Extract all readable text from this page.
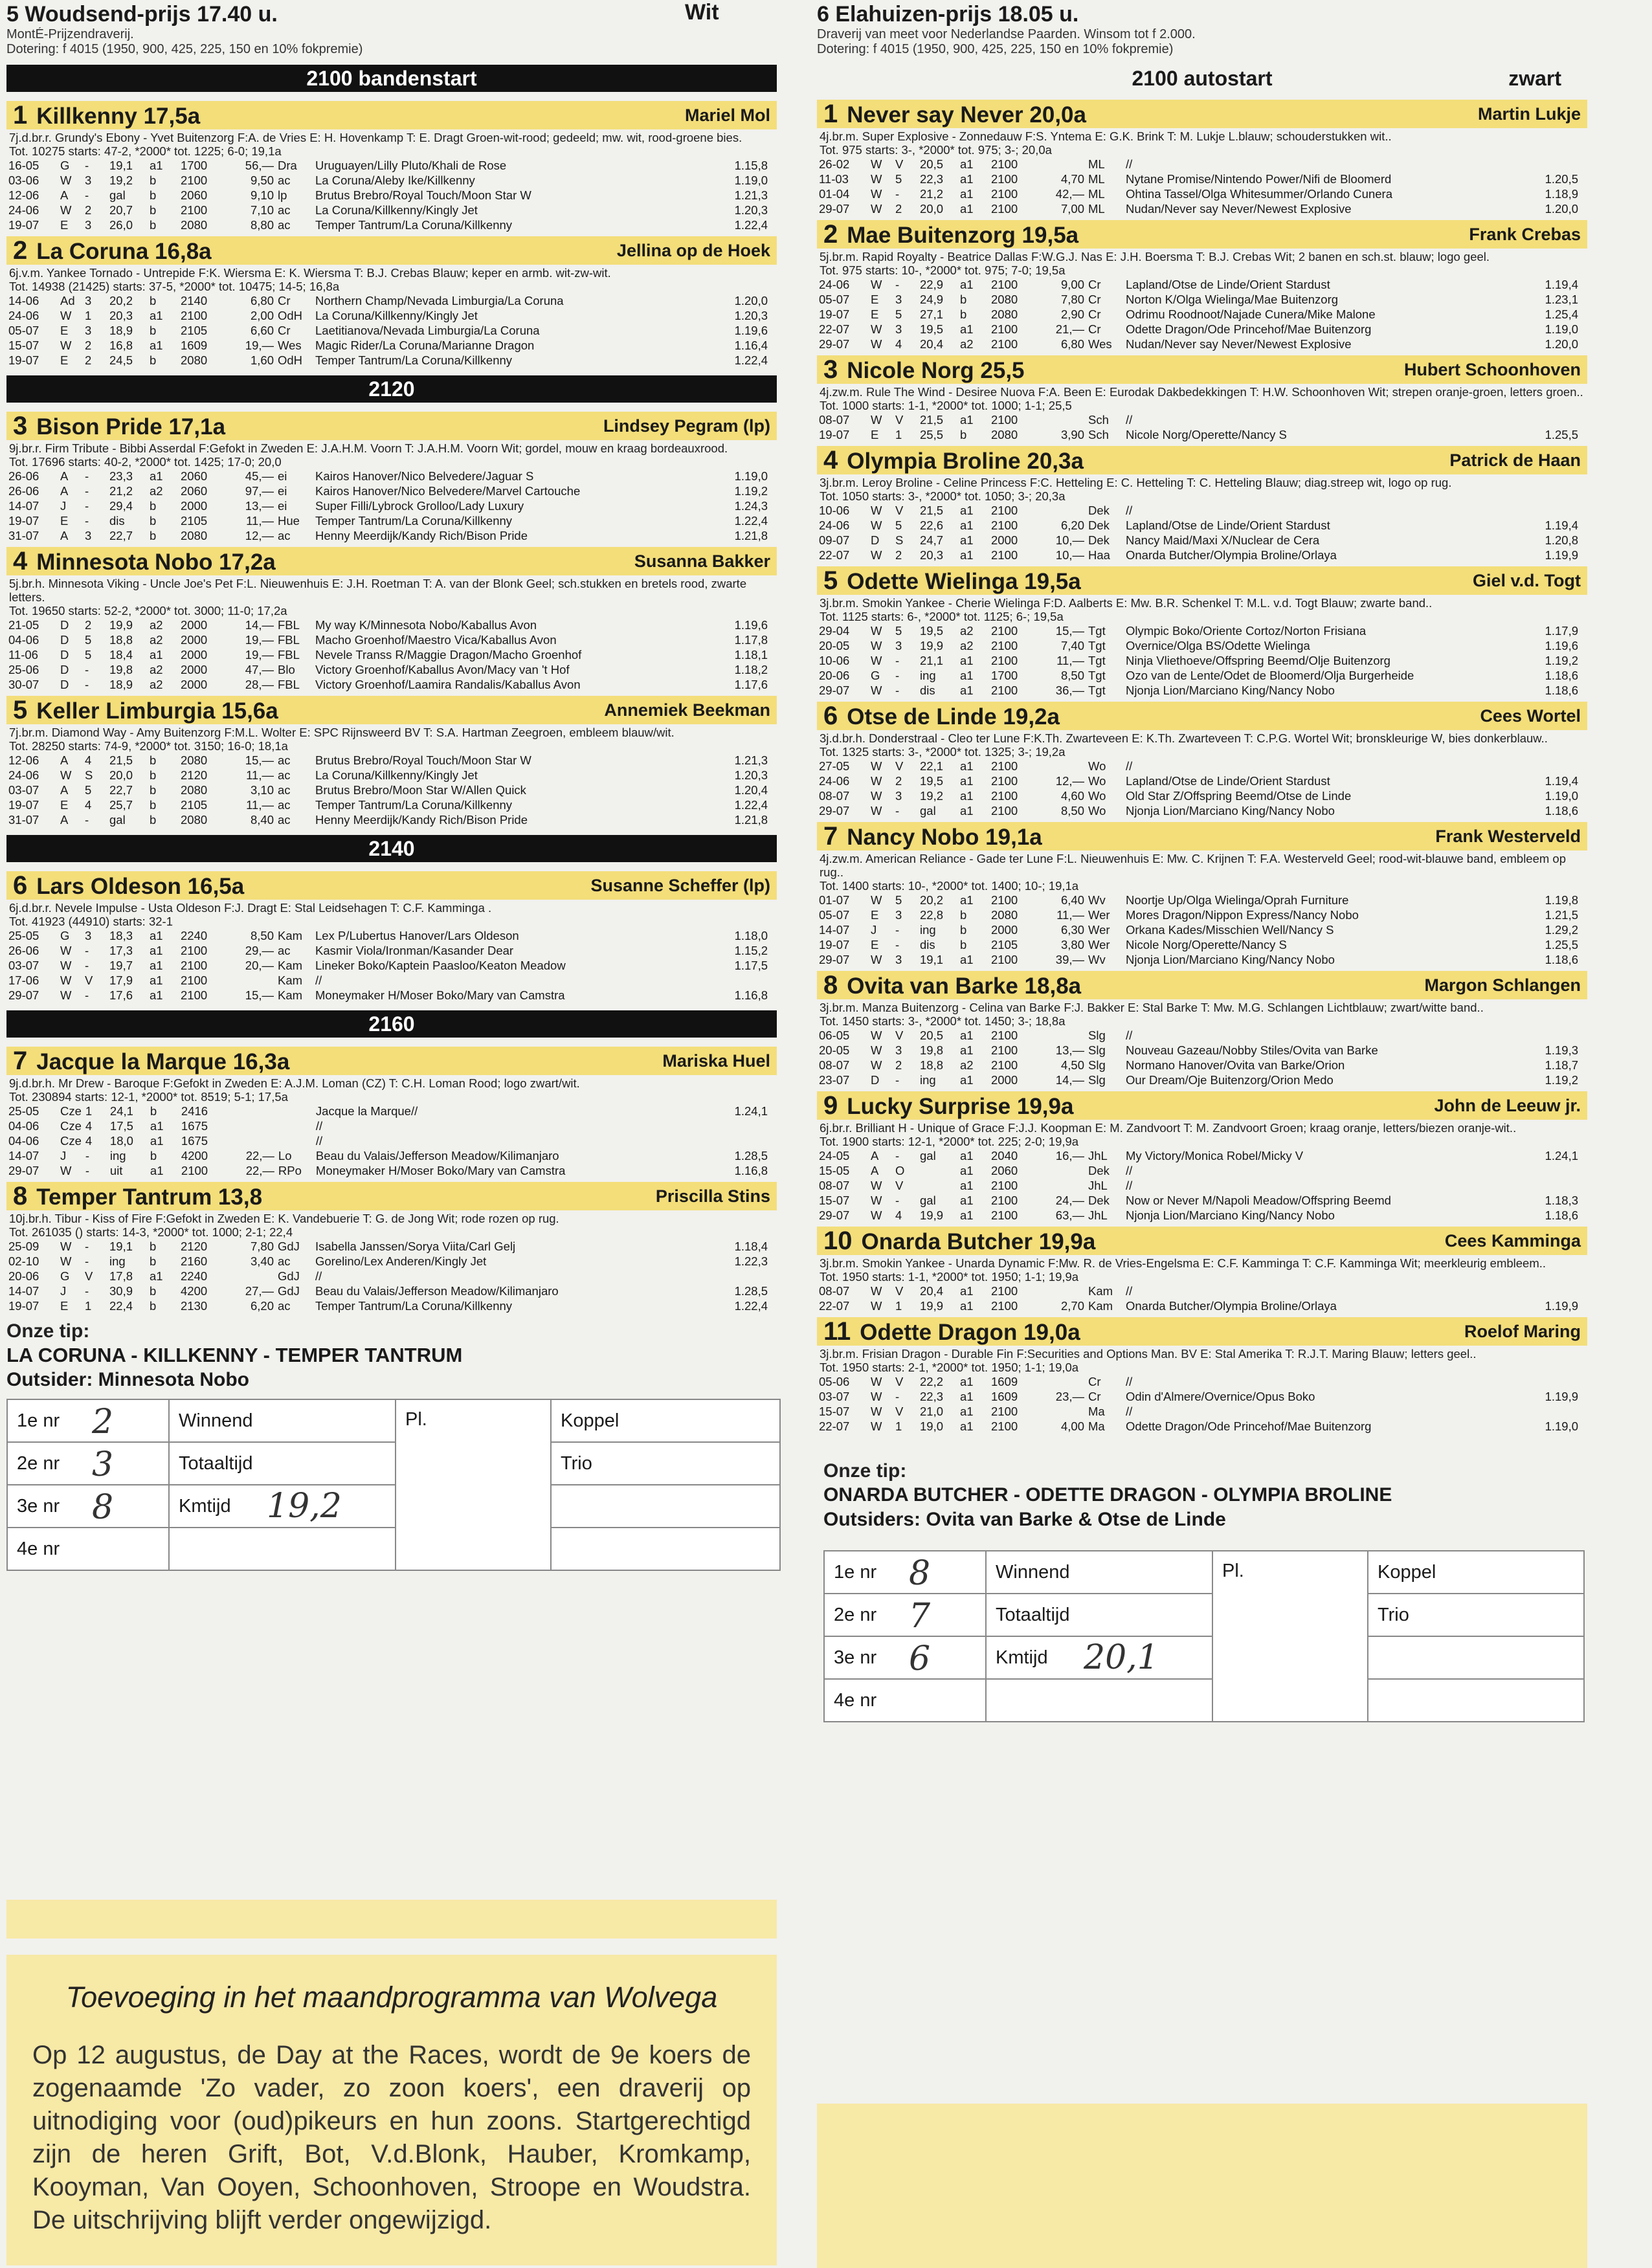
5 Woudsend-prijs 17.40 u.	Wit
MontÉ-Prijzendraverij.
Dotering: f 4015 (1950, 900, 425, 225, 150 en 10% fokpremie)
2100 bandenstart
1 Killkenny 17,5a	Mariel Mol
7j.d.br.r. Grundy's Ebony - Yvet Buitenzorg F:A. de Vries E: H. Hovenkamp T: E. Dragt Groen-wit-rood; gedeeld; mw. wit, rood-groene bies.
Tot. 10275 starts: 47-2, *2000* tot. 1225; 6-0; 19,1a
16-05	G	-	19,1	a1	1700	56,—	Dra	Uruguayen/Lilly Pluto/Khali de Rose	1.15,8
03-06	W	3	19,2	b	2100	9,50	ac	La Coruna/Aleby Ike/Killkenny	1.19,0
12-06	A	-	gal	b	2060	9,10	lp	Brutus Brebro/Royal Touch/Moon Star W	1.21,3
24-06	W	2	20,7	b	2100	7,10	ac	La Coruna/Killkenny/Kingly Jet	1.20,3
19-07	E	3	26,0	b	2080	8,80	ac	Temper Tantrum/La Coruna/Killkenny	1.22,4
2 La Coruna 16,8a	Jellina op de Hoek
6j.v.m. Yankee Tornado - Untrepide F:K. Wiersma E: K. Wiersma T: B.J. Crebas Blauw; keper en armb. wit-zw-wit.
Tot. 14938 (21425) starts: 37-5, *2000* tot. 10475; 14-5; 16,8a
14-06	Ad	3	20,2	b	2140	6,80	Cr	Northern Champ/Nevada Limburgia/La Coruna	1.20,0
24-06	W	1	20,3	a1	2100	2,00	OdH	La Coruna/Killkenny/Kingly Jet	1.20,3
05-07	E	3	18,9	b	2105	6,60	Cr	Laetitianova/Nevada Limburgia/La Coruna	1.19,6
15-07	W	2	16,8	a1	1609	19,—	Wes	Magic Rider/La Coruna/Marianne Dragon	1.16,4
19-07	E	2	24,5	b	2080	1,60	OdH	Temper Tantrum/La Coruna/Killkenny	1.22,4
2120
3 Bison Pride 17,1a	Lindsey Pegram (lp)
9j.br.r. Firm Tribute - Bibbi Asserdal F:Gefokt in Zweden E: J.A.H.M. Voorn T: J.A.H.M. Voorn Wit; gordel, mouw en kraag bordeauxrood.
Tot. 17696 starts: 40-2, *2000* tot. 1425; 17-0; 20,0
26-06	A	-	23,3	a1	2060	45,—	ei	Kairos Hanover/Nico Belvedere/Jaguar S	1.19,0
26-06	A	-	21,2	a2	2060	97,—	ei	Kairos Hanover/Nico Belvedere/Marvel Cartouche	1.19,2
14-07	J	-	29,4	b	2000	13,—	ei	Super Filli/Lybrock Grolloo/Lady Luxury	1.24,3
19-07	E	-	dis	b	2105	11,—	Hue	Temper Tantrum/La Coruna/Killkenny	1.22,4
31-07	A	3	22,7	b	2080	12,—	ac	Henny Meerdijk/Kandy Rich/Bison Pride	1.21,8
4 Minnesota Nobo 17,2a	Susanna Bakker
5j.br.h. Minnesota Viking - Uncle Joe's Pet F:L. Nieuwenhuis E: J.H. Roetman T: A. van der Blonk Geel; sch.stukken en bretels rood, zwarte letters.
Tot. 19650 starts: 52-2, *2000* tot. 3000; 11-0; 17,2a
21-05	D	2	19,9	a2	2000	14,—	FBL	My way K/Minnesota Nobo/Kaballus Avon	1.19,6
04-06	D	5	18,8	a2	2000	19,—	FBL	Macho Groenhof/Maestro Vica/Kaballus Avon	1.17,8
11-06	D	5	18,4	a1	2000	19,—	FBL	Nevele Transs R/Maggie Dragon/Macho Groenhof	1.18,1
25-06	D	-	19,8	a2	2000	47,—	Blo	Victory Groenhof/Kaballus Avon/Macy van 't Hof	1.18,2
30-07	D	-	18,9	a2	2000	28,—	FBL	Victory Groenhof/Laamira Randalis/Kaballus Avon	1.17,6
5 Keller Limburgia 15,6a	Annemiek Beekman
7j.br.m. Diamond Way - Amy Buitenzorg F:M.L. Wolter E: SPC Rijnsweerd BV T: S.A. Hartman Zeegroen, embleem blauw/wit.
Tot. 28250 starts: 74-9, *2000* tot. 3150; 16-0; 18,1a
12-06	A	4	21,5	b	2080	15,—	ac	Brutus Brebro/Royal Touch/Moon Star W	1.21,3
24-06	W	S	20,0	b	2120	11,—	ac	La Coruna/Killkenny/Kingly Jet	1.20,3
03-07	A	5	22,7	b	2080	3,10	ac	Brutus Brebro/Moon Star W/Allen Quick	1.20,4
19-07	E	4	25,7	b	2105	11,—	ac	Temper Tantrum/La Coruna/Killkenny	1.22,4
31-07	A	-	gal	b	2080	8,40	ac	Henny Meerdijk/Kandy Rich/Bison Pride	1.21,8
2140
6 Lars Oldeson 16,5a	Susanne Scheffer (lp)
6j.d.br.r. Nevele Impulse - Usta Oldeson F:J. Dragt E: Stal Leidsehagen T: C.F. Kamminga .
Tot. 41923 (44910) starts: 32-1
25-05	G	3	18,3	a1	2240	8,50	Kam	Lex P/Lubertus Hanover/Lars Oldeson	1.18,0
26-06	W	-	17,3	a1	2100	29,—	ac	Kasmir Viola/Ironman/Kasander Dear	1.15,2
03-07	W	-	19,7	a1	2100	20,—	Kam	Lineker Boko/Kaptein Paasloo/Keaton Meadow	1.17,5
17-06	W	V	17,9	a1	2100		Kam	//	
29-07	W	-	17,6	a1	2100	15,—	Kam	Moneymaker H/Moser Boko/Mary van Camstra	1.16,8
2160
7 Jacque la Marque 16,3a	Mariska Huel
9j.d.br.h. Mr Drew - Baroque F:Gefokt in Zweden E: A.J.M. Loman (CZ) T: C.H. Loman Rood; logo zwart/wit.
Tot. 230894 starts: 12-1, *2000* tot. 8519; 5-1; 17,5a
25-05	Cze	1	24,1	b	2416			Jacque la Marque//	1.24,1
04-06	Cze	4	17,5	a1	1675			//	
04-06	Cze	4	18,0	a1	1675			//	
14-07	J	-	ing	b	4200	22,—	Lo	Beau du Valais/Jefferson Meadow/Kilimanjaro	1.28,5
29-07	W	-	uit	a1	2100	22,—	RPo	Moneymaker H/Moser Boko/Mary van Camstra	1.16,8
8 Temper Tantrum 13,8	Priscilla Stins
10j.br.h. Tibur - Kiss of Fire F:Gefokt in Zweden E: K. Vandebuerie T: G. de Jong Wit; rode rozen op rug.
Tot. 261035 () starts: 14-3, *2000* tot. 1000; 2-1; 22,4
25-09	W	-	19,1	b	2120	7,80	GdJ	Isabella Janssen/Sorya Viita/Carl Gelj	1.18,4
02-10	W	-	ing	b	2160	3,40	ac	Gorelino/Lex Anderen/Kingly Jet	1.22,3
20-06	G	V	17,8	a1	2240		GdJ	//	
14-07	J	-	30,9	b	4200	27,—	GdJ	Beau du Valais/Jefferson Meadow/Kilimanjaro	1.28,5
19-07	E	1	22,4	b	2130	6,20	ac	Temper Tantrum/La Coruna/Killkenny	1.22,4
Onze tip:
LA CORUNA - KILLKENNY - TEMPER TANTRUM
Outsider: Minnesota Nobo
1e nr 2	Winnend	Pl.	Koppel
2e nr 3	Totaaltijd		Trio
3e nr 8	Kmtijd 19,2		

4e nr	

Toevoeging in het maandprogramma van Wolvega
Op 12 augustus, de Day at the Races, wordt de 9e koers de zogenaamde 'Zo vader, zo zoon koers', een draverij op uitnodiging voor (oud)pikeurs en hun zoons. Startgerechtigd zijn de heren Grift, Bot, V.d.Blonk, Hauber, Kromkamp, Kooyman, Van Ooyen, Schoonhoven, Stroope en Woudstra. De uitschrijving blijft verder ongewijzigd.
6 Elahuizen-prijs 18.05 u.
Draverij van meet voor Nederlandse Paarden. Winsom tot f 2.000.
Dotering: f 4015 (1950, 900, 425, 225, 150 en 10% fokpremie)
2100 autostart	zwart
1 Never say Never 20,0a	Martin Lukje
4j.br.m. Super Explosive - Zonnedauw F:S. Yntema E: G.K. Brink T: M. Lukje L.blauw; schouderstukken wit..
Tot. 975 starts: 3-, *2000* tot. 975; 3-; 20,0a
26-02	W	V	20,5	a1	2100		ML	//	
11-03	W	5	22,3	a1	2100	4,70	ML	Nytane Promise/Nintendo Power/Nifi de Bloomerd	1.20,5
01-04	W	-	21,2	a1	2100	42,—	ML	Ohtina Tassel/Olga Whitesummer/Orlando Cunera	1.18,9
29-07	W	2	20,0	a1	2100	7,00	ML	Nudan/Never say Never/Newest Explosive	1.20,0
2 Mae Buitenzorg 19,5a	Frank Crebas
5j.br.m. Rapid Royalty - Beatrice Dallas F:W.G.J. Nas E: J.H. Boersma T: B.J. Crebas Wit; 2 banen en sch.st. blauw; logo geel.
Tot. 975 starts: 10-, *2000* tot. 975; 7-0; 19,5a
24-06	W	-	22,9	a1	2100	9,00	Cr	Lapland/Otse de Linde/Orient Stardust	1.19,4
05-07	E	3	24,9	b	2080	7,80	Cr	Norton K/Olga Wielinga/Mae Buitenzorg	1.23,1
19-07	E	5	27,1	b	2080	2,90	Cr	Odrimu Roodnoot/Najade Cunera/Mike Malone	1.25,4
22-07	W	3	19,5	a1	2100	21,—	Cr	Odette Dragon/Ode Princehof/Mae Buitenzorg	1.19,0
29-07	W	4	20,4	a2	2100	6,80	Wes	Nudan/Never say Never/Newest Explosive	1.20,0
3 Nicole Norg 25,5	Hubert Schoonhoven
4j.zw.m. Rule The Wind - Desiree Nuova F:A. Been E: Eurodak Dakbedekkingen T: H.W. Schoonhoven Wit; strepen oranje-groen, letters groen..
Tot. 1000 starts: 1-1, *2000* tot. 1000; 1-1; 25,5
08-07	W	V	21,5	a1	2100		Sch	//	
19-07	E	1	25,5	b	2080	3,90	Sch	Nicole Norg/Operette/Nancy S	1.25,5
4 Olympia Broline 20,3a	Patrick de Haan
3j.br.m. Leroy Broline - Celine Princess F:C. Hetteling E: C. Hetteling T: C. Hetteling Blauw; diag.streep wit, logo op rug.
Tot. 1050 starts: 3-, *2000* tot. 1050; 3-; 20,3a
10-06	W	V	21,5	a1	2100		Dek	//	
24-06	W	5	22,6	a1	2100	6,20	Dek	Lapland/Otse de Linde/Orient Stardust	1.19,4
09-07	D	S	24,7	a1	2000	10,—	Dek	Nancy Maid/Maxi X/Nuclear de Cera	1.20,8
22-07	W	2	20,3	a1	2100	10,—	Haa	Onarda Butcher/Olympia Broline/Orlaya	1.19,9
5 Odette Wielinga 19,5a	Giel v.d. Togt
3j.br.m. Smokin Yankee - Cherie Wielinga F:D. Aalberts E: Mw. B.R. Schenkel T: M.L. v.d. Togt Blauw; zwarte band..
Tot. 1125 starts: 6-, *2000* tot. 1125; 6-; 19,5a
29-04	W	5	19,5	a2	2100	15,—	Tgt	Olympic Boko/Oriente Cortoz/Norton Frisiana	1.17,9
20-05	W	3	19,9	a2	2100	7,40	Tgt	Overnice/Olga BS/Odette Wielinga	1.19,6
10-06	W	-	21,1	a1	2100	11,—	Tgt	Ninja Vliethoeve/Offspring Beemd/Olje Buitenzorg	1.19,2
20-06	G	-	ing	a1	1700	8,50	Tgt	Ozo van de Lente/Odet de Bloomerd/Olja Burgerheide	1.18,6
29-07	W	-	dis	a1	2100	36,—	Tgt	Njonja Lion/Marciano King/Nancy Nobo	1.18,6
6 Otse de Linde 19,2a	Cees Wortel
3j.d.br.h. Donderstraal - Cleo ter Lune F:K.Th. Zwarteveen E: K.Th. Zwarteveen T: C.P.G. Wortel Wit; bronskleurige W, bies donkerblauw..
Tot. 1325 starts: 3-, *2000* tot. 1325; 3-; 19,2a
27-05	W	V	22,1	a1	2100		Wo	//	
24-06	W	2	19,5	a1	2100	12,—	Wo	Lapland/Otse de Linde/Orient Stardust	1.19,4
08-07	W	3	19,2	a1	2100	4,60	Wo	Old Star Z/Offspring Beemd/Otse de Linde	1.19,0
29-07	W	-	gal	a1	2100	8,50	Wo	Njonja Lion/Marciano King/Nancy Nobo	1.18,6
7 Nancy Nobo 19,1a	Frank Westerveld
4j.zw.m. American Reliance - Gade ter Lune F:L. Nieuwenhuis E: Mw. C. Krijnen T: F.A. Westerveld Geel; rood-wit-blauwe band, embleem op rug..
Tot. 1400 starts: 10-, *2000* tot. 1400; 10-; 19,1a
01-07	W	5	20,2	a1	2100	6,40	Wv	Noortje Up/Olga Wielinga/Oprah Furniture	1.19,8
05-07	E	3	22,8	b	2080	11,—	Wer	Mores Dragon/Nippon Express/Nancy Nobo	1.21,5
14-07	J	-	ing	b	2000	6,30	Wer	Orkana Kades/Misschien Well/Nancy S	1.29,2
19-07	E	-	dis	b	2105	3,80	Wer	Nicole Norg/Operette/Nancy S	1.25,5
29-07	W	3	19,1	a1	2100	39,—	Wv	Njonja Lion/Marciano King/Nancy Nobo	1.18,6
8 Ovita van Barke 18,8a	Margon Schlangen
3j.br.m. Manza Buitenzorg - Celina van Barke F:J. Bakker E: Stal Barke T: Mw. M.G. Schlangen Lichtblauw; zwart/witte band..
Tot. 1450 starts: 3-, *2000* tot. 1450; 3-; 18,8a
06-05	W	V	20,5	a1	2100		Slg	//	
20-05	W	3	19,8	a1	2100	13,—	Slg	Nouveau Gazeau/Nobby Stiles/Ovita van Barke	1.19,3
08-07	W	2	18,8	a2	2100	4,50	Slg	Normano Hanover/Ovita van Barke/Orion	1.18,7
23-07	D	-	ing	a1	2000	14,—	Slg	Our Dream/Oje Buitenzorg/Orion Medo	1.19,2
9 Lucky Surprise 19,9a	John de Leeuw jr.
6j.br.r. Brilliant H - Unique of Grace F:J.J. Koopman E: M. Zandvoort T: M. Zandvoort Groen; kraag oranje, letters/biezen oranje-wit..
Tot. 1900 starts: 12-1, *2000* tot. 225; 2-0; 19,9a
24-05	A	-	gal	a1	2040	16,—	JhL	My Victory/Monica Robel/Micky V	1.24,1
15-05	A	O		a1	2060		Dek	//	
08-07	W	V		a1	2100		JhL	//	
15-07	W	-	gal	a1	2100	24,—	Dek	Now or Never M/Napoli Meadow/Offspring Beemd	1.18,3
29-07	W	4	19,9	a1	2100	63,—	JhL	Njonja Lion/Marciano King/Nancy Nobo	1.18,6
10 Onarda Butcher 19,9a	Cees Kamminga
3j.br.m. Smokin Yankee - Unarda Dynamic F:Mw. R. de Vries-Engelsma E: C.F. Kamminga T: C.F. Kamminga Wit; meerkleurig embleem..
Tot. 1950 starts: 1-1, *2000* tot. 1950; 1-1; 19,9a
08-07	W	V	20,4	a1	2100		Kam	//	
22-07	W	1	19,9	a1	2100	2,70	Kam	Onarda Butcher/Olympia Broline/Orlaya	1.19,9
11 Odette Dragon 19,0a	Roelof Maring
3j.br.m. Frisian Dragon - Durable Fin F:Securities and Options Man. BV E: Stal Amerika T: R.J.T. Maring Blauw; letters geel..
Tot. 1950 starts: 2-1, *2000* tot. 1950; 1-1; 19,0a
05-06	W	V	22,2	a1	1609		Cr	//	
03-07	W	-	22,3	a1	1609	23,—	Cr	Odin d'Almere/Overnice/Opus Boko	1.19,9
15-07	W	V	21,0	a1	2100		Ma	//	
22-07	W	1	19,0	a1	2100	4,00	Ma	Odette Dragon/Ode Princehof/Mae Buitenzorg	1.19,0
Onze tip:
ONARDA BUTCHER - ODETTE DRAGON - OLYMPIA BROLINE
Outsiders: Ovita van Barke & Otse de Linde
1e nr 8	Winnend	Pl.	Koppel
2e nr 7	Totaaltijd		Trio
3e nr 6	Kmtijd 20,1		

4e nr	
